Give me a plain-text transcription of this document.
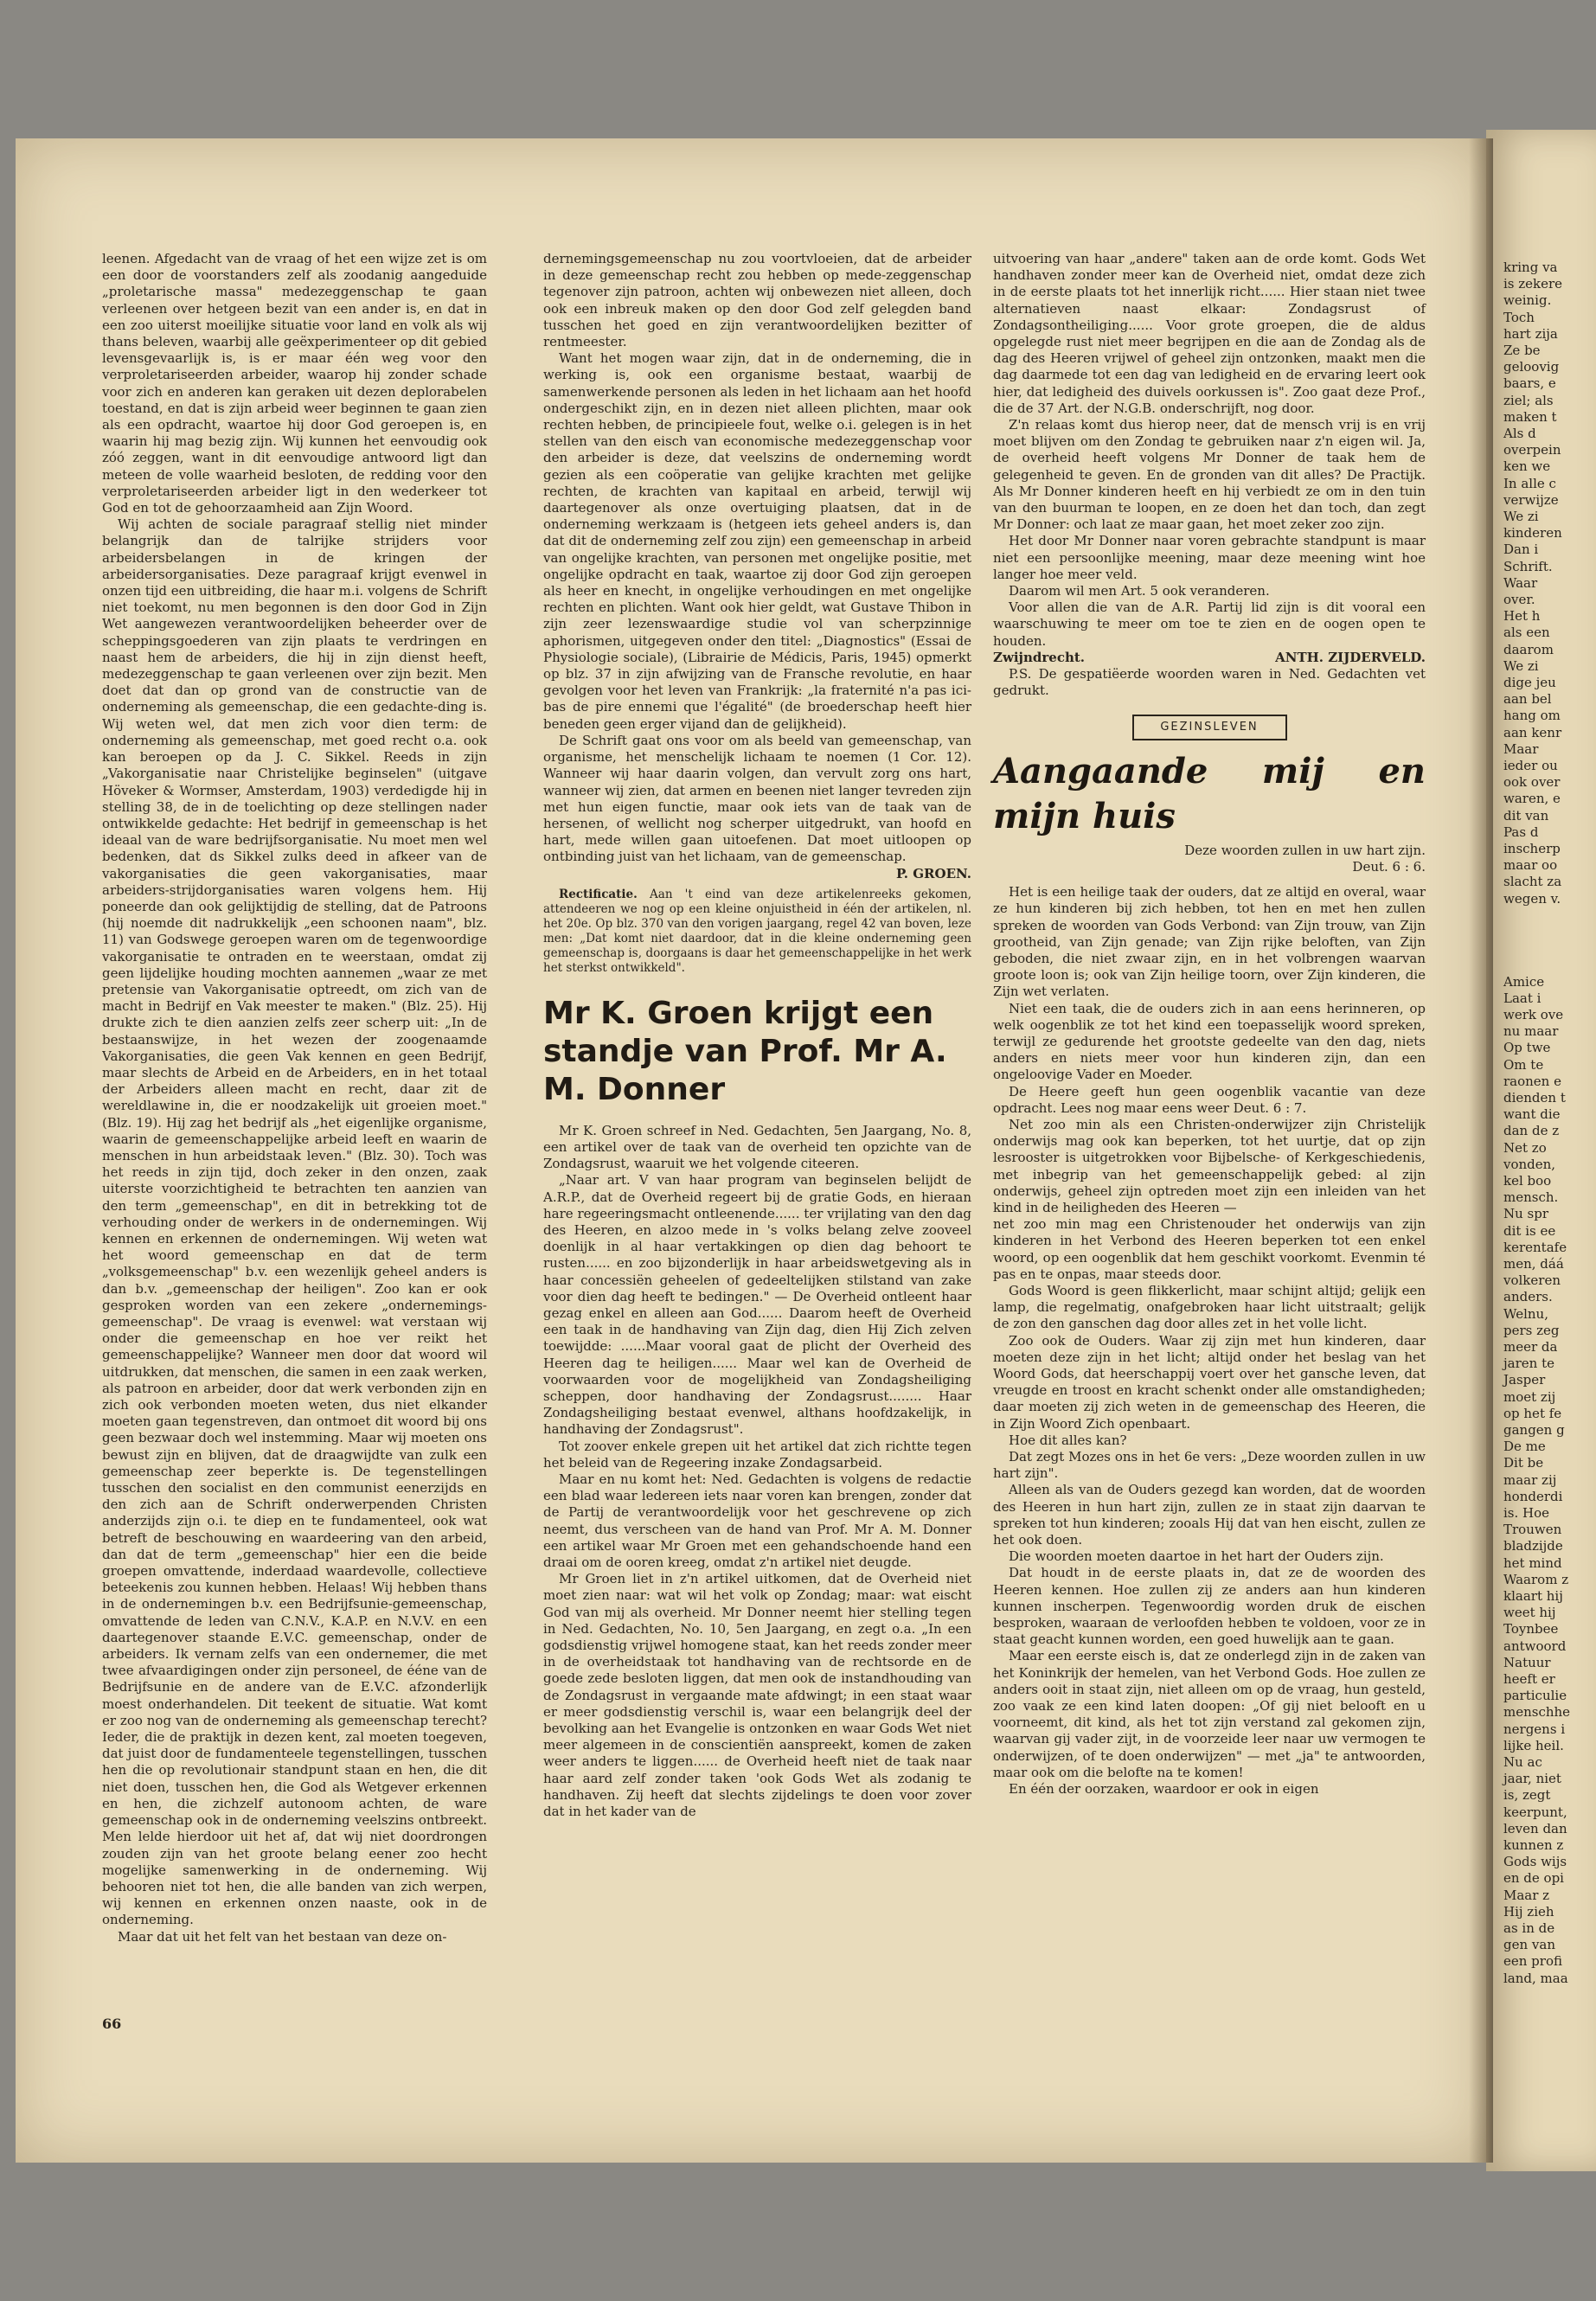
leenen. Afgedacht van de vraag of het een wijze zet is om een door de voorstanders zelf als zoodanig aangeduide „proletarische massa" medezeggenschap te gaan verleenen over hetgeen bezit van een ander is, en dat in een zoo uiterst moeilijke situatie voor land en volk als wij thans beleven, waarbij alle geëxperimenteer op dit gebied levensgevaarlijk is, is er maar één weg voor den verproletariseerden arbeider, waarop hij zonder schade voor zich en anderen kan geraken uit dezen deplorabelen toestand, en dat is zijn arbeid weer beginnen te gaan zien als een opdracht, waartoe hij door God geroepen is, en waarin hij mag bezig zijn. Wij kunnen het eenvoudig ook zóó zeggen, want in dit eenvoudige antwoord ligt dan meteen de volle waarheid besloten, de redding voor den verproletariseerden arbeider ligt in den wederkeer tot God en tot de gehoorzaamheid aan Zijn Woord.

Wij achten de sociale paragraaf stellig niet minder belangrijk dan de talrijke strijders voor arbeidersbelangen in de kringen der arbeidersorganisaties. Deze paragraaf krijgt evenwel in onzen tijd een uitbreiding, die haar m.i. volgens de Schrift niet toekomt, nu men begonnen is den door God in Zijn Wet aangewezen verantwoordelijken beheerder over de scheppingsgoederen van zijn plaats te verdringen en naast hem de arbeiders, die hij in zijn dienst heeft, medezeggenschap te gaan verleenen over zijn bezit. Men doet dat dan op grond van de constructie van de onderneming als gemeenschap, die een gedachte-ding is. Wij weten wel, dat men zich voor dien term: de onderneming als gemeenschap, met goed recht o.a. ook kan beroepen op da J. C. Sikkel. Reeds in zijn „Vakorganisatie naar Christelijke beginselen" (uitgave Höveker & Wormser, Amsterdam, 1903) verdedigde hij in stelling 38, de in de toelichting op deze stellingen nader ontwikkelde gedachte: Het bedrijf in gemeenschap is het ideaal van de ware bedrijfsorganisatie. Nu moet men wel bedenken, dat ds Sikkel zulks deed in afkeer van de vakorganisaties die geen vakorganisaties, maar arbeiders-strijdorganisaties waren volgens hem. Hij poneerde dan ook gelijktijdig de stelling, dat de Patroons (hij noemde dit nadrukkelijk „een schoonen naam", blz. 11) van Godswege geroepen waren om de tegenwoordige vakorganisatie te ontraden en te weerstaan, omdat zij geen lijdelijke houding mochten aannemen „waar ze met pretensie van Vakorganisatie optreedt, om zich van de macht in Bedrijf en Vak meester te maken." (Blz. 25). Hij drukte zich te dien aanzien zelfs zeer scherp uit: „In de bestaanswijze, in het wezen der zoogenaamde Vakorganisaties, die geen Vak kennen en geen Bedrijf, maar slechts de Arbeid en de Arbeiders, en in het totaal der Arbeiders alleen macht en recht, daar zit de wereldlawine in, die er noodzakelijk uit groeien moet." (Blz. 19). Hij zag het bedrijf als „het eigenlijke organisme, waarin de gemeenschappelijke arbeid leeft en waarin de menschen in hun arbeidstaak leven." (Blz. 30). Toch was het reeds in zijn tijd, doch zeker in den onzen, zaak uiterste voorzichtigheid te betrachten ten aanzien van den term „gemeenschap", en dit in betrekking tot de verhouding onder de werkers in de ondernemingen. Wij kennen en erkennen de ondernemingen. Wij weten wat het woord gemeenschap en dat de term „volksgemeenschap" b.v. een wezenlijk geheel anders is dan b.v. „gemeenschap der heiligen". Zoo kan er ook gesproken worden van een zekere „ondernemings-gemeenschap". De vraag is evenwel: wat verstaan wij onder die gemeenschap en hoe ver reikt het gemeenschappelijke? Wanneer men door dat woord wil uitdrukken, dat menschen, die samen in een zaak werken, als patroon en arbeider, door dat werk verbonden zijn en zich ook verbonden moeten weten, dus niet elkander moeten gaan tegenstreven, dan ontmoet dit woord bij ons geen bezwaar doch wel instemming. Maar wij moeten ons bewust zijn en blijven, dat de draagwijdte van zulk een gemeenschap zeer beperkte is. De tegenstellingen tusschen den socialist en den communist eenerzijds en den zich aan de Schrift onderwerpenden Christen anderzijds zijn o.i. te diep en te fundamenteel, ook wat betreft de beschouwing en waardeering van den arbeid, dan dat de term „gemeenschap" hier een die beide groepen omvattende, inderdaad waardevolle, collectieve beteekenis zou kunnen hebben. Helaas! Wij hebben thans in de ondernemingen b.v. een Bedrijfsunie-gemeenschap, omvattende de leden van C.N.V., K.A.P. en N.V.V. en een daartegenover staande E.V.C. gemeenschap, onder de arbeiders. Ik vernam zelfs van een ondernemer, die met twee afvaardigingen onder zijn personeel, de ééne van de Bedrijfsunie en de andere van de E.V.C. afzonderlijk moest onderhandelen. Dit teekent de situatie. Wat komt er zoo nog van de onderneming als gemeenschap terecht? Ieder, die de praktijk in dezen kent, zal moeten toegeven, dat juist door de fundamenteele tegenstellingen, tusschen hen die op revolutionair standpunt staan en hen, die dit niet doen, tusschen hen, die God als Wetgever erkennen en hen, die zichzelf autonoom achten, de ware gemeenschap ook in de onderneming veelszins ontbreekt. Men lelde hierdoor uit het af, dat wij niet doordrongen zouden zijn van het groote belang eener zoo hecht mogelijke samenwerking in de onderneming. Wij behooren niet tot hen, die alle banden van zich werpen, wij kennen en erkennen onzen naaste, ook in de onderneming.

Maar dat uit het felt van het bestaan van deze on-

66

dernemingsgemeenschap nu zou voortvloeien, dat de arbeider in deze gemeenschap recht zou hebben op mede-zeggenschap tegenover zijn patroon, achten wij onbewezen niet alleen, doch ook een inbreuk maken op den door God zelf gelegden band tusschen het goed en zijn verantwoordelijken bezitter of rentmeester.

Want het mogen waar zijn, dat in de onderneming, die in werking is, ook een organisme bestaat, waarbij de samenwerkende personen als leden in het lichaam aan het hoofd ondergeschikt zijn, en in dezen niet alleen plichten, maar ook rechten hebben, de principieele fout, welke o.i. gelegen is in het stellen van den eisch van economische medezeggenschap voor den arbeider is deze, dat veelszins de onderneming wordt gezien als een coöperatie van gelijke krachten met gelijke rechten, de krachten van kapitaal en arbeid, terwijl wij daartegenover als onze overtuiging plaatsen, dat in de onderneming werkzaam is (hetgeen iets geheel anders is, dan dat dit de onderneming zelf zou zijn) een gemeenschap in arbeid van ongelijke krachten, van personen met ongelijke positie, met ongelijke opdracht en taak, waartoe zij door God zijn geroepen als heer en knecht, in ongelijke verhoudingen en met ongelijke rechten en plichten. Want ook hier geldt, wat Gustave Thibon in zijn zeer lezenswaardige studie vol van scherpzinnige aphorismen, uitgegeven onder den titel: „Diagnostics" (Essai de Physiologie sociale), (Librairie de Médicis, Paris, 1945) opmerkt op blz. 37 in zijn afwijzing van de Fransche revolutie, en haar gevolgen voor het leven van Frankrijk: „la fraternité n'a pas ici-bas de pire ennemi que l'égalité" (de broederschap heeft hier beneden geen erger vijand dan de gelijkheid).

De Schrift gaat ons voor om als beeld van gemeenschap, van organisme, het menschelijk lichaam te noemen (1 Cor. 12). Wanneer wij haar daarin volgen, dan vervult zorg ons hart, wanneer wij zien, dat armen en beenen niet langer tevreden zijn met hun eigen functie, maar ook iets van de taak van de hersenen, of wellicht nog scherper uitgedrukt, van hoofd en hart, mede willen gaan uitoefenen. Dat moet uitloopen op ontbinding juist van het lichaam, van de gemeenschap.

P. GROEN.

Rectificatie. Aan 't eind van deze artikelenreeks gekomen, attendeeren we nog op een kleine onjuistheid in één der artikelen, nl. het 20e. Op blz. 370 van den vorigen jaargang, regel 42 van boven, leze men: „Dat komt niet daardoor, dat in die kleine onderneming geen gemeenschap is, doorgaans is daar het gemeenschappelijke in het werk het sterkst ontwikkeld".

Mr K. Groen krijgt een standje van Prof. Mr A. M. Donner

Mr K. Groen schreef in Ned. Gedachten, 5en Jaargang, No. 8, een artikel over de taak van de overheid ten opzichte van de Zondagsrust, waaruit we het volgende citeeren.

„Naar art. V van haar program van beginselen belijdt de A.R.P., dat de Overheid regeert bij de gratie Gods, en hieraan hare regeeringsmacht ontleenende...... ter vrijlating van den dag des Heeren, en alzoo mede in 's volks belang zelve zooveel doenlijk in al haar vertakkingen op dien dag behoort te rusten...... en zoo bijzonderlijk in haar arbeidswetgeving als in haar concessiën geheelen of gedeeltelijken stilstand van zake voor dien dag heeft te bedingen." — De Overheid ontleent haar gezag enkel en alleen aan God...... Daarom heeft de Overheid een taak in de handhaving van Zijn dag, dien Hij Zich zelven toewijdde: ......Maar vooral gaat de plicht der Overheid des Heeren dag te heiligen...... Maar wel kan de Overheid de voorwaarden voor de mogelijkheid van Zondagsheiliging scheppen, door handhaving der Zondagsrust........ Haar Zondagsheiliging bestaat evenwel, althans hoofdzakelijk, in handhaving der Zondagsrust".

Tot zoover enkele grepen uit het artikel dat zich richtte tegen het beleid van de Regeering inzake Zondagsarbeid.

Maar en nu komt het: Ned. Gedachten is volgens de redactie een blad waar ledereen iets naar voren kan brengen, zonder dat de Partij de verantwoordelijk voor het geschrevene op zich neemt, dus verscheen van de hand van Prof. Mr A. M. Donner een artikel waar Mr Groen met een gehandschoende hand een draai om de ooren kreeg, omdat z'n artikel niet deugde.

Mr Groen liet in z'n artikel uitkomen, dat de Overheid niet moet zien naar: wat wil het volk op Zondag; maar: wat eischt God van mij als overheid. Mr Donner neemt hier stelling tegen in Ned. Gedachten, No. 10, 5en Jaargang, en zegt o.a. „In een godsdienstig vrijwel homogene staat, kan het reeds zonder meer in de overheidstaak tot handhaving van de rechtsorde en de goede zede besloten liggen, dat men ook de instandhouding van de Zondagsrust in vergaande mate afdwingt; in een staat waar er meer godsdienstig verschil is, waar een belangrijk deel der bevolking aan het Evangelie is ontzonken en waar Gods Wet niet meer algemeen in de conscientiën aanspreekt, komen de zaken weer anders te liggen...... de Overheid heeft niet de taak naar haar aard zelf zonder taken 'ook Gods Wet als zodanig te handhaven. Zij heeft dat slechts zijdelings te doen voor zover dat in het kader van de

uitvoering van haar „andere" taken aan de orde komt. Gods Wet handhaven zonder meer kan de Overheid niet, omdat deze zich in de eerste plaats tot het innerlijk richt...... Hier staan niet twee alternatieven naast elkaar: Zondagsrust of Zondagsontheiliging...... Voor grote groepen, die de aldus opgelegde rust niet meer begrijpen en die aan de Zondag als de dag des Heeren vrijwel of geheel zijn ontzonken, maakt men die dag daarmede tot een dag van ledigheid en de ervaring leert ook hier, dat ledigheid des duivels oorkussen is". Zoo gaat deze Prof., die de 37 Art. der N.G.B. onderschrijft, nog door.

Z'n relaas komt dus hierop neer, dat de mensch vrij is en vrij moet blijven om den Zondag te gebruiken naar z'n eigen wil. Ja, de overheid heeft volgens Mr Donner de taak hem de gelegenheid te geven. En de gronden van dit alles? De Practijk. Als Mr Donner kinderen heeft en hij verbiedt ze om in den tuin van den buurman te loopen, en ze doen het dan toch, dan zegt Mr Donner: och laat ze maar gaan, het moet zeker zoo zijn.

Het door Mr Donner naar voren gebrachte standpunt is maar niet een persoonlijke meening, maar deze meening wint hoe langer hoe meer veld.

Daarom wil men Art. 5 ook veranderen.

Voor allen die van de A.R. Partij lid zijn is dit vooral een waarschuwing te meer om toe te zien en de oogen open te houden.

Zwijndrecht.	ANTH. ZIJDERVELD.

P.S. De gespatiëerde woorden waren in Ned. Gedachten vet gedrukt.

GEZINSLEVEN
Aangaande mij en mijn huis
Deze woorden zullen in uw hart zijn.
Deut. 6 : 6.

Het is een heilige taak der ouders, dat ze altijd en overal, waar ze hun kinderen bij zich hebben, tot hen en met hen zullen spreken de woorden van Gods Verbond: van Zijn trouw, van Zijn grootheid, van Zijn genade; van Zijn rijke beloften, van Zijn geboden, die niet zwaar zijn, en in het volbrengen waarvan groote loon is; ook van Zijn heilige toorn, over Zijn kinderen, die Zijn wet verlaten.

Niet een taak, die de ouders zich in aan eens herinneren, op welk oogenblik ze tot het kind een toepasselijk woord spreken, terwijl ze gedurende het grootste gedeelte van den dag, niets anders en niets meer voor hun kinderen zijn, dan een ongeloovige Vader en Moeder.

De Heere geeft hun geen oogenblik vacantie van deze opdracht. Lees nog maar eens weer Deut. 6 : 7.

Net zoo min als een Christen-onderwijzer zijn Christelijk onderwijs mag ook kan beperken, tot het uurtje, dat op zijn lesrooster is uitgetrokken voor Bijbelsche- of Kerkgeschiedenis, met inbegrip van het gemeenschappelijk gebed: al zijn onderwijs, geheel zijn optreden moet zijn een inleiden van het kind in de heiligheden des Heeren —

net zoo min mag een Christenouder het onderwijs van zijn kinderen in het Verbond des Heeren beperken tot een enkel woord, op een oogenblik dat hem geschikt voorkomt. Evenmin té pas en te onpas, maar steeds door.

Gods Woord is geen flikkerlicht, maar schijnt altijd; gelijk een lamp, die regelmatig, onafgebroken haar licht uitstraalt; gelijk de zon den ganschen dag door alles zet in het volle licht.

Zoo ook de Ouders. Waar zij zijn met hun kinderen, daar moeten deze zijn in het licht; altijd onder het beslag van het Woord Gods, dat heerschappij voert over het gansche leven, dat vreugde en troost en kracht schenkt onder alle omstandigheden; daar moeten zij zich weten in de gemeenschap des Heeren, die in Zijn Woord Zich openbaart.

Hoe dit alles kan?

Dat zegt Mozes ons in het 6e vers: „Deze woorden zullen in uw hart zijn".

Alleen als van de Ouders gezegd kan worden, dat de woorden des Heeren in hun hart zijn, zullen ze in staat zijn daarvan te spreken tot hun kinderen; zooals Hij dat van hen eischt, zullen ze het ook doen.

Die woorden moeten daartoe in het hart der Ouders zijn.

Dat houdt in de eerste plaats in, dat ze de woorden des Heeren kennen. Hoe zullen zij ze anders aan hun kinderen kunnen inscherpen. Tegenwoordig worden druk de eischen besproken, waaraan de verloofden hebben te voldoen, voor ze in staat geacht kunnen worden, een goed huwelijk aan te gaan.

Maar een eerste eisch is, dat ze onderlegd zijn in de zaken van het Koninkrijk der hemelen, van het Verbond Gods. Hoe zullen ze anders ooit in staat zijn, niet alleen om op de vraag, hun gesteld, zoo vaak ze een kind laten doopen: „Of gij niet belooft en u voorneemt, dit kind, als het tot zijn verstand zal gekomen zijn, waarvan gij vader zijt, in de voorzeide leer naar uw vermogen te onderwijzen, of te doen onderwijzen" — met „ja" te antwoorden, maar ook om die belofte na te komen!

En één der oorzaken, waardoor er ook in eigen

kring va
is zekere
weinig.
Toch
hart zija
Ze be
geloovig
baars, e
ziel; als
maken t
Als d
overpein
ken we
In alle c
verwijze
We zi
kinderen
Dan i
Schrift.
Waar
over.
Het h
als een
daarom
We zi
dige jeu
aan bel
hang om
aan kenr
Maar
ieder ou
ook over
waren, e
dit van
Pas d
inscherp
maar oo
slacht za
wegen v.
Amice
Laat i
werk ove
nu maar
Op twe
Om te
raonen e
dienden t
want die
dan de z
Net zo
vonden,
kel boo
mensch.
Nu spr
dit is ee
kerentafe
men, dáá
volkeren
anders.
Welnu,
pers zeg
meer da
jaren te
Jasper
moet zij
op het fe
gangen g
De me
Dit be
maar zij
honderdi
is. Hoe
Trouwen
bladzijde
het mind
Waarom z
klaart hij
weet hij
Toynbee
antwoord
Natuur
heeft er
particulie
menschhe
nergens i
lijke heil.
Nu ac
jaar, niet
is, zegt
keerpunt,
leven dan
kunnen z
Gods wijs
en de opi
Maar z
Hij zieh
as in de
gen van
een profi
land, maa
